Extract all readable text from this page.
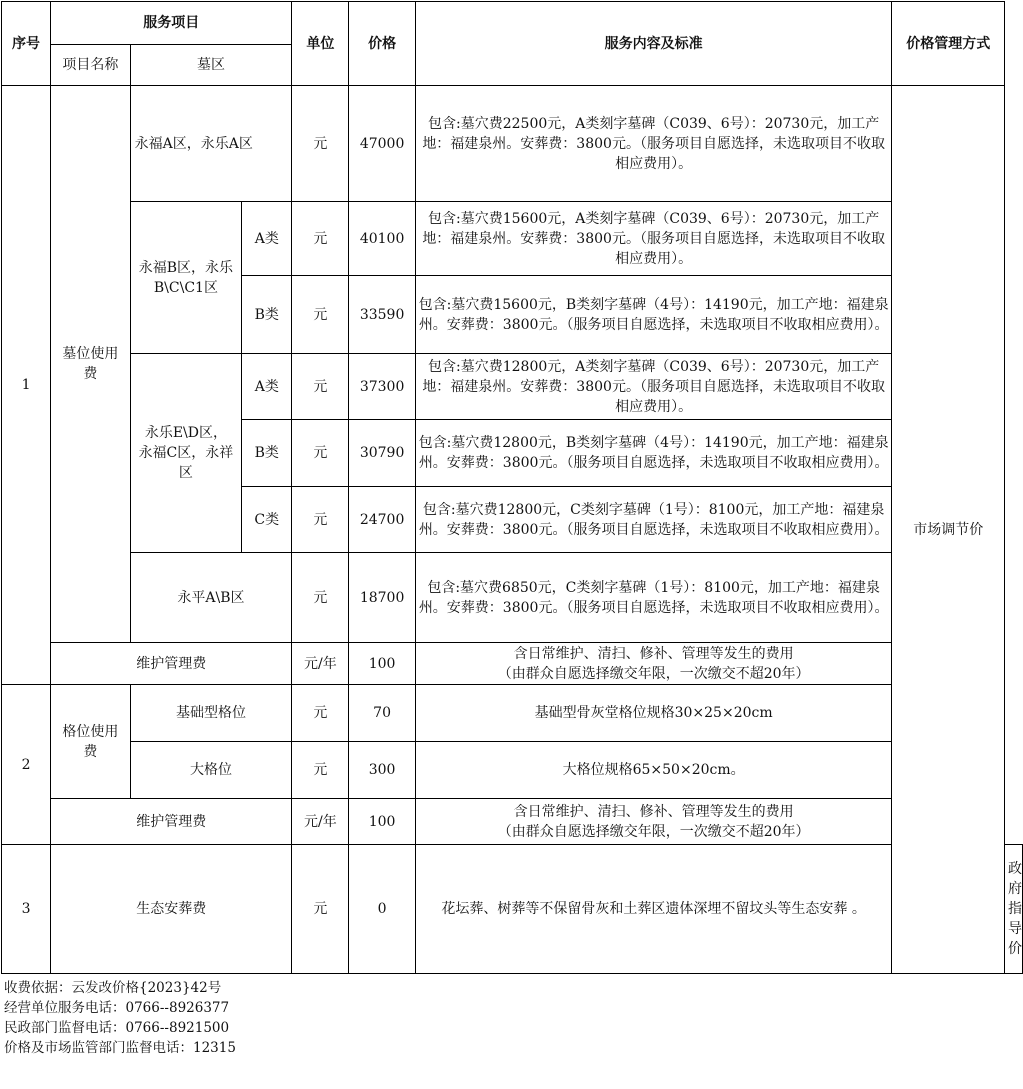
序号	服务项目			单位	价格	服务内容及标准	价格管理方式	
	项目名称	墓区						
1	墓位使用费	永福A区，永乐A区		元	47000	包含:墓穴费22500元，A类刻字墓碑（C039、6号）：20730元，加工产地：福建泉州。安葬费：3800元。（服务项目自愿选择，未选取项目不收取相应费用）。	市场调节价	
		永福B区，永乐B\C\C1区	A类	元	40100	包含:墓穴费15600元，A类刻字墓碑（C039、6号）：20730元，加工产地：福建泉州。安葬费：3800元。（服务项目自愿选择，未选取项目不收取相应费用）。		
			B类	元	33590	包含:墓穴费15600元，B类刻字墓碑（4号）：14190元，加工产地：福建泉州。安葬费：3800元。（服务项目自愿选择，未选取项目不收取相应费用）。		
		永乐E\D区，永福C区，永祥区	A类	元	37300	包含:墓穴费12800元，A类刻字墓碑（C039、6号）：20730元，加工产地：福建泉州。安葬费：3800元。（服务项目自愿选择，未选取项目不收取相应费用）。		
			B类	元	30790	包含:墓穴费12800元，B类刻字墓碑（4号）：14190元，加工产地：福建泉州。安葬费：3800元。（服务项目自愿选择，未选取项目不收取相应费用）。		
			C类	元	24700	包含:墓穴费12800元，C类刻字墓碑（1号）：8100元，加工产地：福建泉州。安葬费：3800元。（服务项目自愿选择，未选取项目不收取相应费用）。		
		永平A\B区		元	18700	包含:墓穴费6850元，C类刻字墓碑（1号）：8100元，加工产地：福建泉州。安葬费：3800元。（服务项目自愿选择，未选取项目不收取相应费用）。		
	维护管理费			元/年	100	含日常维护、清扫、修补、管理等发生的费用
（由群众自愿选择缴交年限，一次缴交不超20年）		

2	格位使用费	基础型格位		元	70	基础型骨灰堂格位规格30×25×20cm		
		大格位		元	300	大格位规格65×50×20cm。		
	维护管理费			元/年	100	含日常维护、清扫、修补、管理等发生的费用
（由群众自愿选择缴交年限，一次缴交不超20年）		

3	生态安葬费			元	0	花坛葬、树葬等不保留骨灰和土葬区遗体深埋不留坟头等生态安葬 。		政府指导价
收费依据：云发改价格{2023}42号
经营单位服务电话：0766--8926377
民政部门监督电话：0766--8921500
价格及市场监管部门监督电话：12315
